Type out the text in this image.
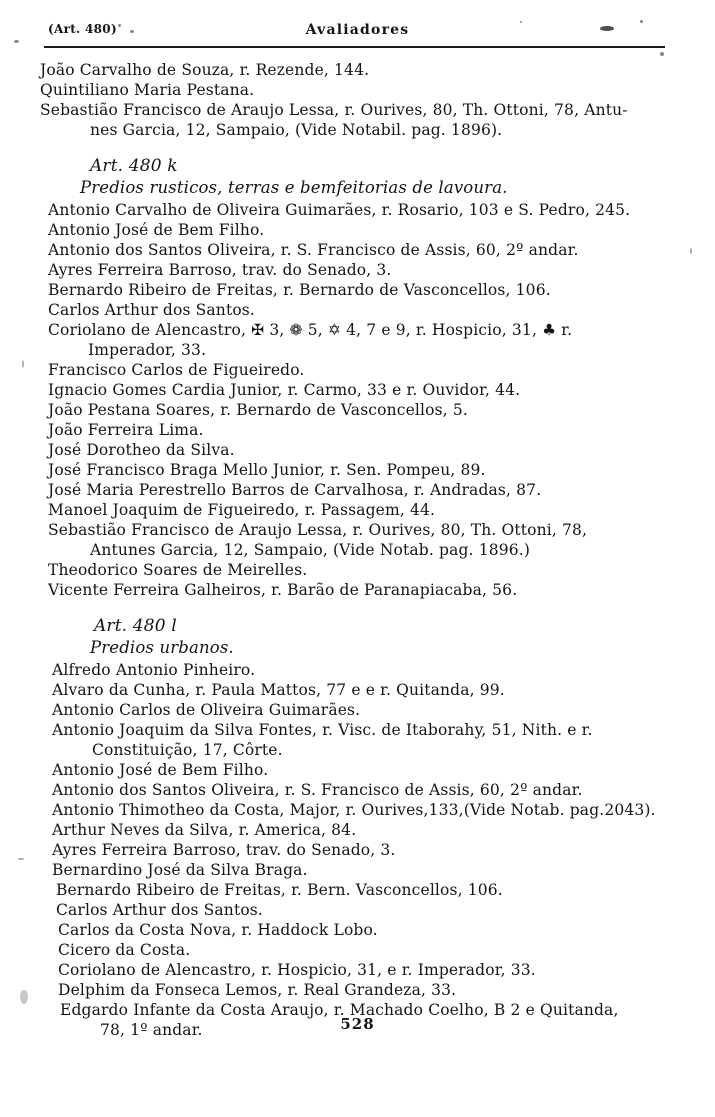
(Art. 480)	Avaliadores
João Carvalho de Souza, r. Rezende, 144.
Quintiliano Maria Pestana.
Sebastião Francisco de Araujo Lessa, r. Ourives, 80, Th. Ottoni, 78, Antu-
nes Garcia, 12, Sampaio, (Vide Notabil. pag. 1896).
Art. 480 k
Predios rusticos, terras e bemfeitorias de lavoura.
Antonio Carvalho de Oliveira Guimarães, r. Rosario, 103 e S. Pedro, 245.
Antonio José de Bem Filho.
Antonio dos Santos Oliveira, r. S. Francisco de Assis, 60, 2º andar.
Ayres Ferreira Barroso, trav. do Senado, 3.
Bernardo Ribeiro de Freitas, r. Bernardo de Vasconcellos, 106.
Carlos Arthur dos Santos.
Coriolano de Alencastro, ✠ 3, ❁ 5, ✡ 4, 7 e 9, r. Hospicio, 31, ♣ r.
Imperador, 33.
Francisco Carlos de Figueiredo.
Ignacio Gomes Cardia Junior, r. Carmo, 33 e r. Ouvidor, 44.
João Pestana Soares, r. Bernardo de Vasconcellos, 5.
João Ferreira Lima.
José Dorotheo da Silva.
José Francisco Braga Mello Junior, r. Sen. Pompeu, 89.
José Maria Perestrello Barros de Carvalhosa, r. Andradas, 87.
Manoel Joaquim de Figueiredo, r. Passagem, 44.
Sebastião Francisco de Araujo Lessa, r. Ourives, 80, Th. Ottoni, 78,
Antunes Garcia, 12, Sampaio, (Vide Notab. pag. 1896.)
Theodorico Soares de Meirelles.
Vicente Ferreira Galheiros, r. Barão de Paranapiacaba, 56.
Art. 480 l
Predios urbanos.
Alfredo Antonio Pinheiro.
Alvaro da Cunha, r. Paula Mattos, 77 e e r. Quitanda, 99.
Antonio Carlos de Oliveira Guimarães.
Antonio Joaquim da Silva Fontes, r. Visc. de Itaborahy, 51, Nith. e r.
Constituição, 17, Côrte.
Antonio José de Bem Filho.
Antonio dos Santos Oliveira, r. S. Francisco de Assis, 60, 2º andar.
Antonio Thimotheo da Costa, Major, r. Ourives,133,(Vide Notab. pag.2043).
Arthur Neves da Silva, r. America, 84.
Ayres Ferreira Barroso, trav. do Senado, 3.
Bernardino José da Silva Braga.
Bernardo Ribeiro de Freitas, r. Bern. Vasconcellos, 106.
Carlos Arthur dos Santos.
Carlos da Costa Nova, r. Haddock Lobo.
Cicero da Costa.
Coriolano de Alencastro, r. Hospicio, 31, e r. Imperador, 33.
Delphim da Fonseca Lemos, r. Real Grandeza, 33.
Edgardo Infante da Costa Araujo, r. Machado Coelho, B 2 e Quitanda,
78, 1º andar.	528
